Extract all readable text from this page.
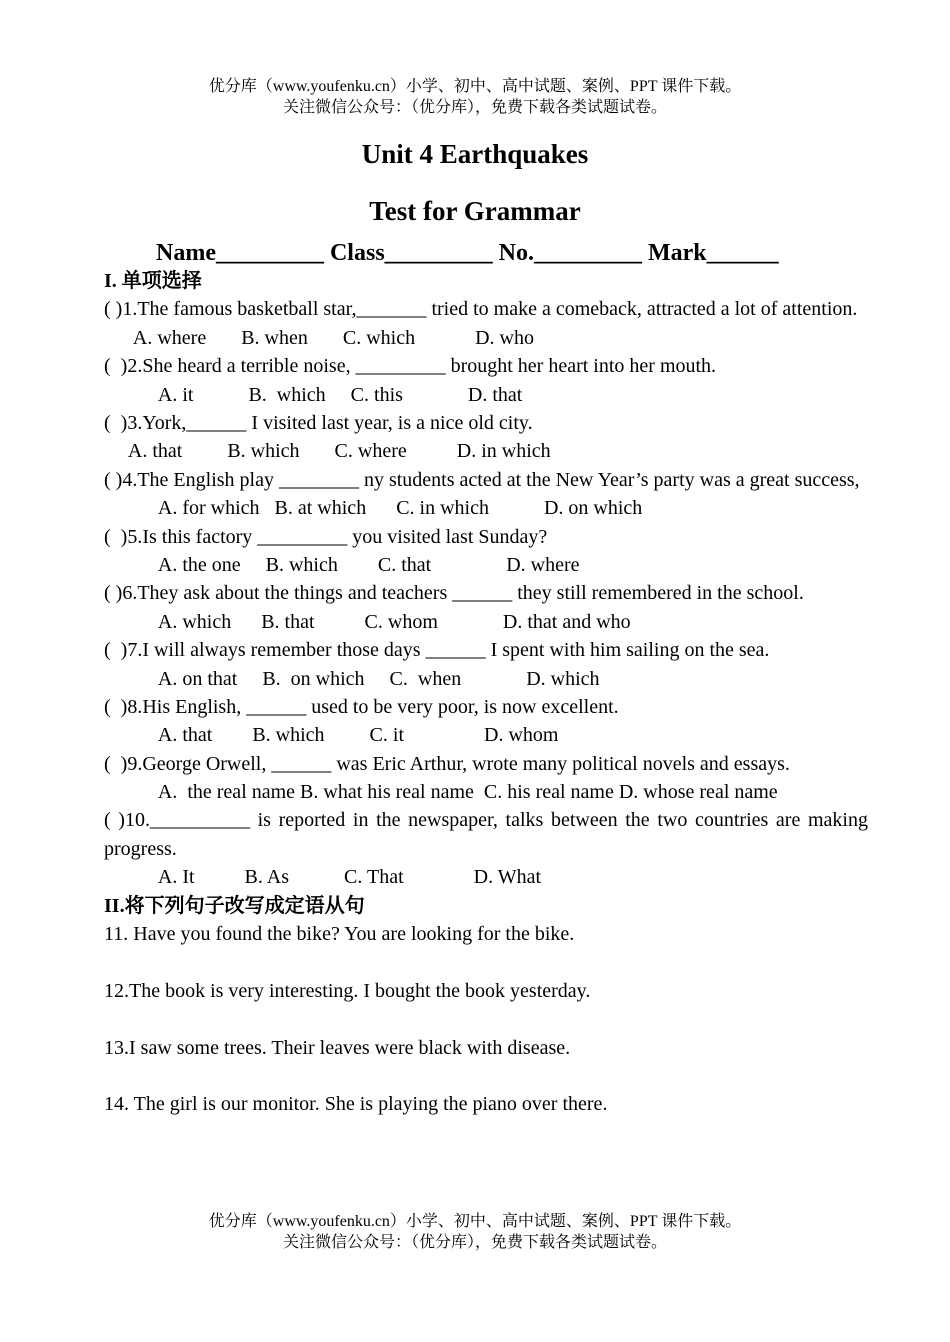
优分库（www.youfenku.cn）小学、初中、高中试题、案例、PPT 课件下载。
关注微信公众号：（优分库），免费下载各类试题试卷。
Unit 4 Earthquakes
Test for Grammar
Name_________ Class_________ No._________ Mark______
I. 单项选择
( )1.The famous basketball star,_______ tried to make a comeback, attracted a lot of attention.
A. where       B. when       C. which            D. who
(  )2.She heard a terrible noise, _________ brought her heart into her mouth.
A. it           B.  which     C. this             D. that
(  )3.York,______ I visited last year, is a nice old city.
A. that         B. which       C. where          D. in which
( )4.The English play ________ ny students acted at the New Year’s party was a great success,
A. for which   B. at which      C. in which           D. on which
(  )5.Is this factory _________ you visited last Sunday?
A. the one     B. which        C. that               D. where
( )6.They ask about the things and teachers ______ they still remembered in the school.
A. which      B. that          C. whom             D. that and who
(  )7.I will always remember those days ______ I spent with him sailing on the sea.
A. on that     B.  on which     C.  when             D. which
(  )8.His English, ______ used to be very poor, is now excellent.
A. that        B. which         C. it                D. whom
(  )9.George Orwell, ______ was Eric Arthur, wrote many political novels and essays.
A.  the real name B. what his real name  C. his real name D. whose real name
( )10.__________ is reported in the newspaper, talks between the two countries are making progress.
A. It          B. As           C. That              D. What
II.将下列句子改写成定语从句
11. Have you found the bike? You are looking for the bike.
12.The book is very interesting. I bought the book yesterday.
13.I saw some trees. Their leaves were black with disease.
14. The girl is our monitor. She is playing the piano over there.
优分库（www.youfenku.cn）小学、初中、高中试题、案例、PPT 课件下载。
关注微信公众号：（优分库），免费下载各类试题试卷。
